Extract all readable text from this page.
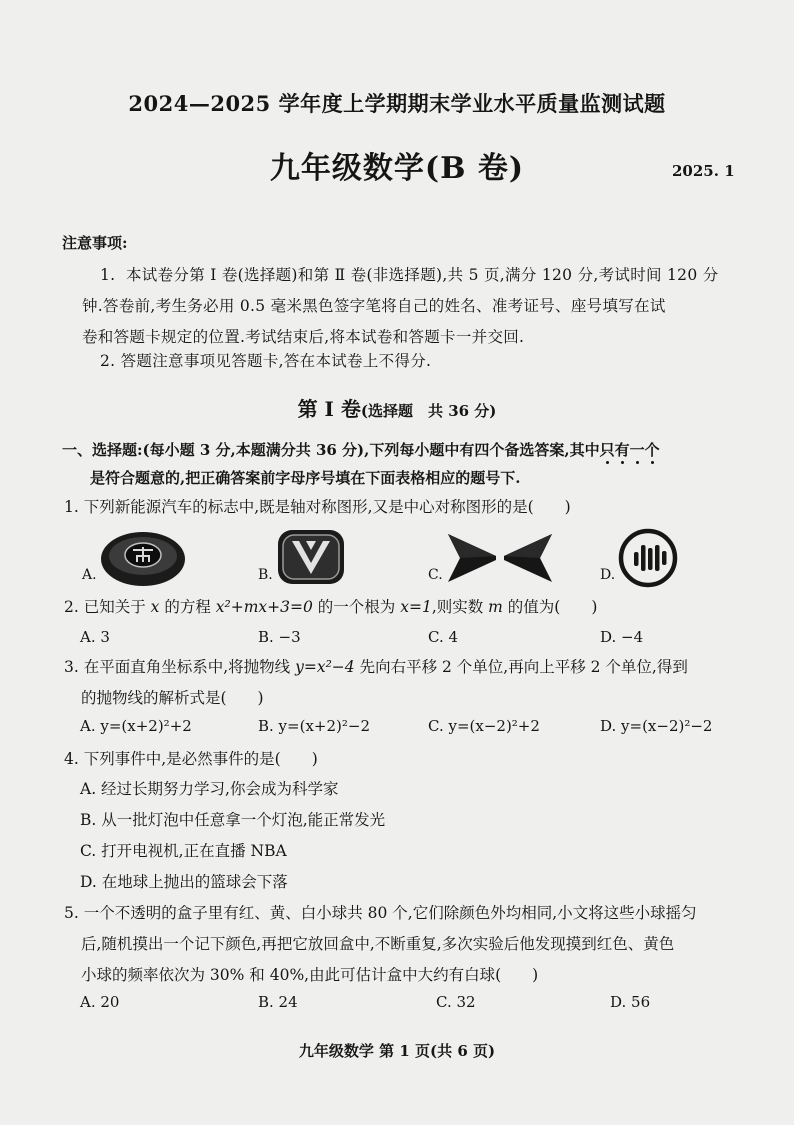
2024—2025 学年度上学期期末学业水平质量监测试题
九年级数学(B 卷)	2025. 1
注意事项:
1. 本试卷分第 Ⅰ 卷(选择题)和第 Ⅱ 卷(非选择题),共 5 页,满分 120 分,考试时间 120 分
钟.答卷前,考生务必用 0.5 毫米黑色签字笔将自己的姓名、准考证号、座号填写在试
卷和答题卡规定的位置.考试结束后,将本试卷和答题卡一并交回.
2. 答题注意事项见答题卡,答在本试卷上不得分.
第 Ⅰ 卷(选择题　共 36 分)
一、选择题:(每小题 3 分,本题满分共 36 分),下列每小题中有四个备选答案,其中只有一个
是符合题意的,把正确答案前字母序号填在下面表格相应的题号下.
1. 下列新能源汽车的标志中,既是轴对称图形,又是中心对称图形的是(　　)
A.	B.	C.	D.
2. 已知关于 x 的方程 x²+mx+3=0 的一个根为 x=1,则实数 m 的值为(　　)
A. 3	B. −3	C. 4	D. −4
3. 在平面直角坐标系中,将抛物线 y=x²−4 先向右平移 2 个单位,再向上平移 2 个单位,得到
的抛物线的解析式是(　　)
A. y=(x+2)²+2	B. y=(x+2)²−2	C. y=(x−2)²+2	D. y=(x−2)²−2
4. 下列事件中,是必然事件的是(　　)
A. 经过长期努力学习,你会成为科学家
B. 从一批灯泡中任意拿一个灯泡,能正常发光
C. 打开电视机,正在直播 NBA
D. 在地球上抛出的篮球会下落
5. 一个不透明的盒子里有红、黄、白小球共 80 个,它们除颜色外均相同,小文将这些小球摇匀
后,随机摸出一个记下颜色,再把它放回盒中,不断重复,多次实验后他发现摸到红色、黄色
小球的频率依次为 30% 和 40%,由此可估计盒中大约有白球(　　)
A. 20	B. 24	C. 32	D. 56
九年级数学 第 1 页(共 6 页)
